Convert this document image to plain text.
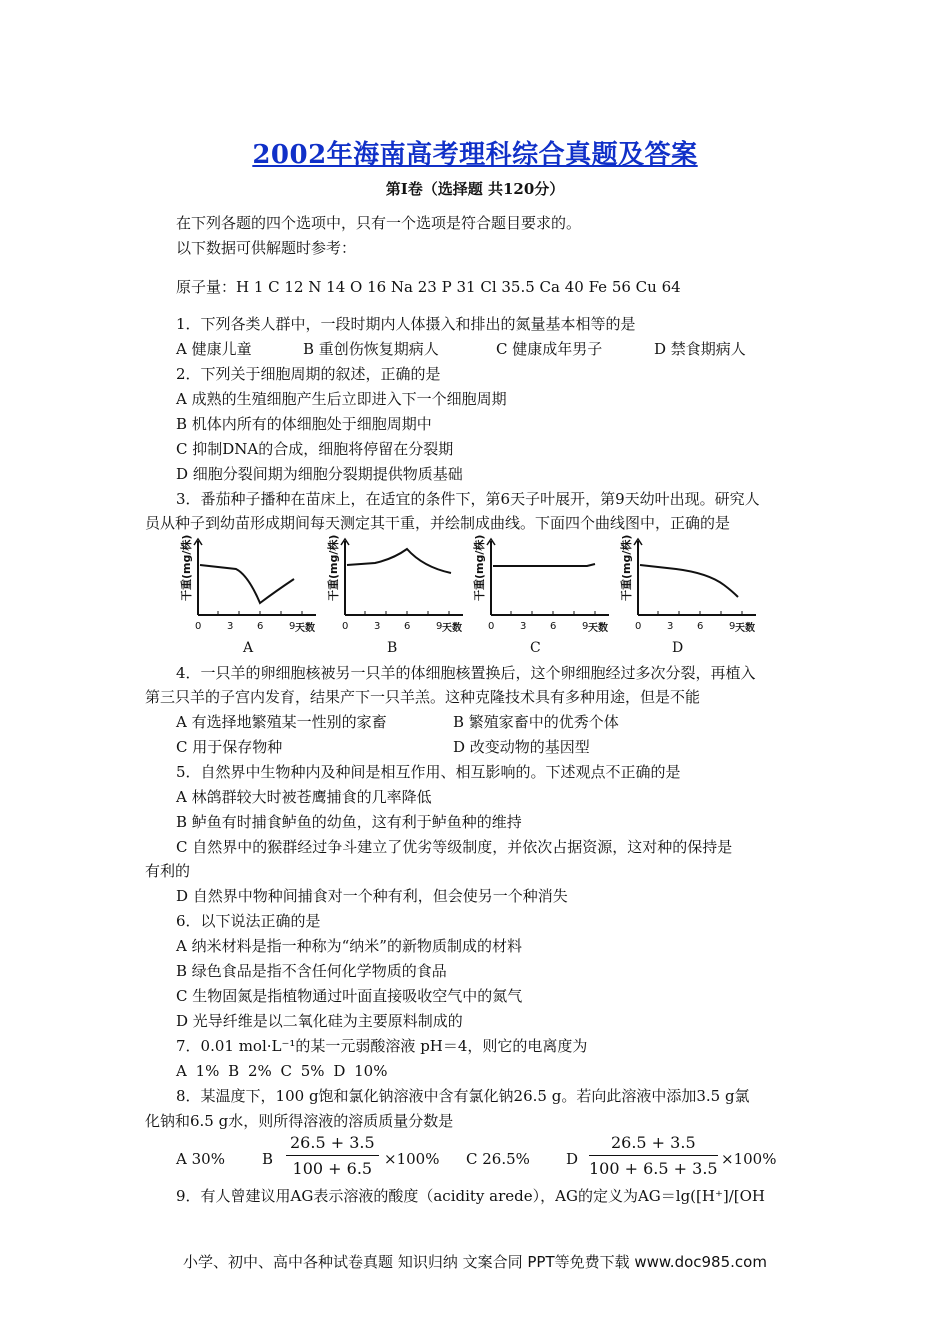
2002年海南高考理科综合真题及答案
第Ⅰ卷（选择题 共120分）
在下列各题的四个选项中，只有一个选项是符合题目要求的。
以下数据可供解题时参考：
原子量：H 1 C 12 N 14 O 16 Na 23 P 31 Cl 35.5 Ca 40 Fe 56 Cu 64
1．下列各类人群中，一段时期内人体摄入和排出的氮量基本相等的是
A 健康儿童	B 重创伤恢复期病人	C 健康成年男子	D 禁食期病人
2．下列关于细胞周期的叙述，正确的是
A 成熟的生殖细胞产生后立即进入下一个细胞周期
B 机体内所有的体细胞处于细胞周期中
C 抑制DNA的合成，细胞将停留在分裂期
D 细胞分裂间期为细胞分裂期提供物质基础
3．番茄种子播种在苗床上，在适宜的条件下，第6天子叶展开，第9天幼叶出现。研究人
员从种子到幼苗形成期间每天测定其干重，并绘制成曲线。下面四个曲线图中，正确的是
干重(mg/株)
0	3 6	9 天数
干重(mg/株)
0	3 6	9 天数
干重(mg/株)
0	3 6	9 天数
干重(mg/株)
0	3 6	9 天数
A	B	C	D
4．一只羊的卵细胞核被另一只羊的体细胞核置换后，这个卵细胞经过多次分裂，再植入
第三只羊的子宫内发育，结果产下一只羊羔。这种克隆技术具有多种用途，但是不能
A 有选择地繁殖某一性别的家畜	B 繁殖家畜中的优秀个体
C 用于保存物种	D 改变动物的基因型
5．自然界中生物种内及种间是相互作用、相互影响的。下述观点不正确的是
A 林鸽群较大时被苍鹰捕食的几率降低
B 鲈鱼有时捕食鲈鱼的幼鱼，这有利于鲈鱼种的维持
C 自然界中的猴群经过争斗建立了优劣等级制度，并依次占据资源，这对种的保持是
有利的
D 自然界中物种间捕食对一个种有利，但会使另一个种消失
6．以下说法正确的是
A 纳米材料是指一种称为“纳米”的新物质制成的材料
B 绿色食品是指不含任何化学物质的食品
C 生物固氮是指植物通过叶面直接吸收空气中的氮气
D 光导纤维是以二氧化硅为主要原料制成的
7．0.01 mol·L⁻¹的某一元弱酸溶液 pH＝4，则它的电离度为
A 1% B 2% C 5% D 10%
8．某温度下，100 g饱和氯化钠溶液中含有氯化钠26.5 g。若向此溶液中添加3.5 g氯
化钠和6.5 g水，则所得溶液的溶质质量分数是
A 30% B $\frac{26.5 + 3.5}{100 + 6.5} \times 100\%$ C 26.5% D $\frac{26.5 + 3.5}{100 + 6.5 + 3.5} \times 100\%$
9．有人曾建议用AG表示溶液的酸度（acidity arede），AG的定义为AG＝lg([H⁺]/[OH
小学、初中、高中各种试卷真题 知识归纳 文案合同 PPT等免费下载 www.doc985.com
